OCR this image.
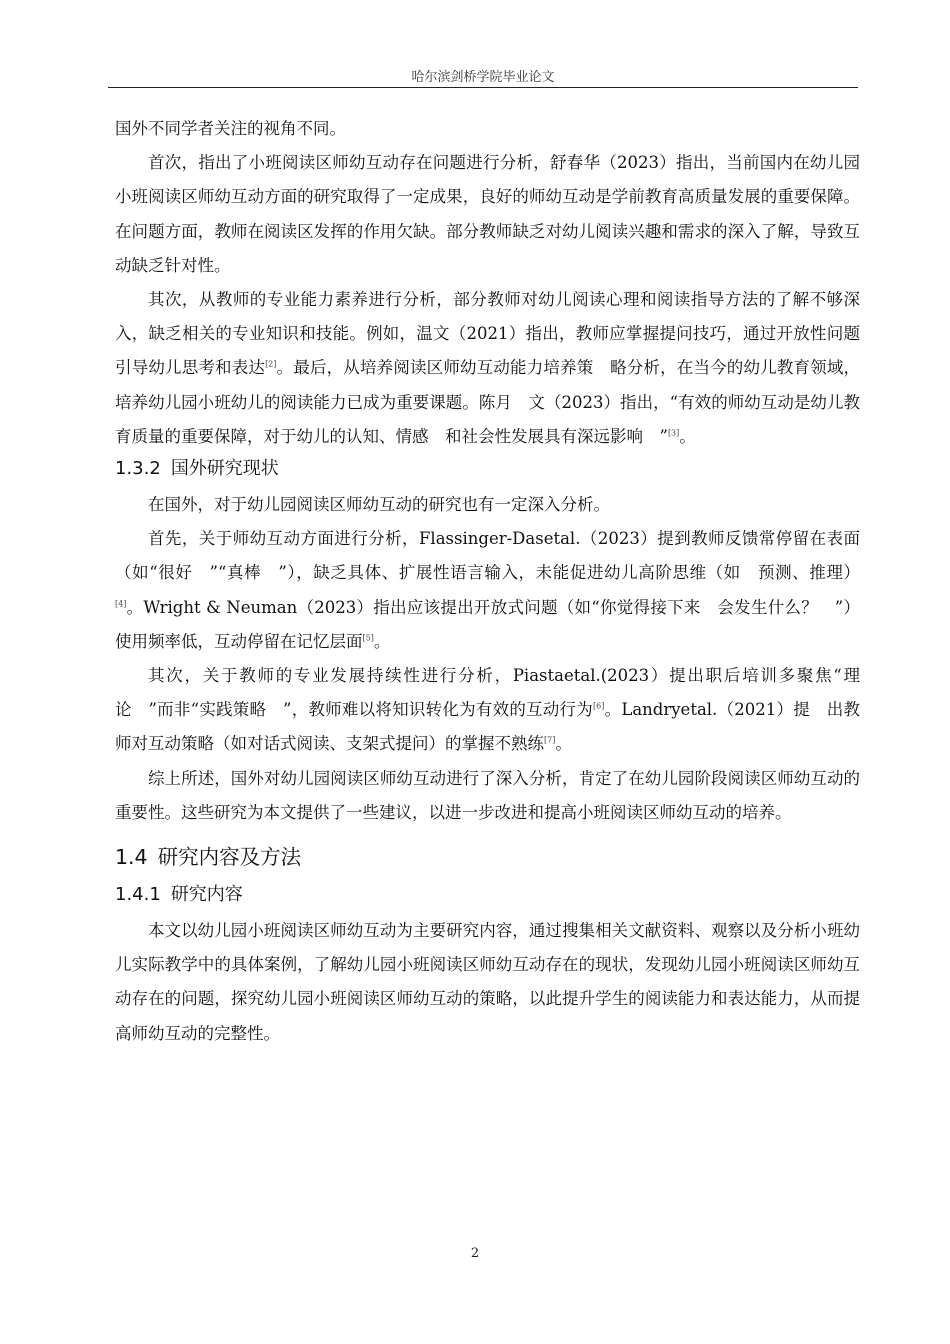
哈尔滨剑桥学院毕业论文

国外不同学者关注的视角不同。

首次，指出了小班阅读区师幼互动存在问题进行分析，舒春华（2023）指出，当前国内在幼儿园小班阅读区师幼互动方面的研究取得了一定成果，良好的师幼互动是学前教育高质量发展的重要保障。在问题方面，教师在阅读区发挥的作用欠缺。部分教师缺乏对幼儿阅读兴趣和需求的深入了解，导致互动缺乏针对性。

其次，从教师的专业能力素养进行分析，部分教师对幼儿阅读心理和阅读指导方法的了解不够深入，缺乏相关的专业知识和技能。例如，温文（2021）指出，教师应掌握提问技巧，通过开放性问题引导幼儿思考和表达[2]。最后，从培养阅读区师幼互动能力培养策　略分析，在当今的幼儿教育领域，培养幼儿园小班幼儿的阅读能力已成为重要课题。陈月　文（2023）指出，“有效的师幼互动是幼儿教育质量的重要保障，对于幼儿的认知、情感　和社会性发展具有深远影响　”[3]。

1.3.2 国外研究现状

在国外，对于幼儿园阅读区师幼互动的研究也有一定深入分析。

首先，关于师幼互动方面进行分析，Flassinger-Dasetal.（2023）提到教师反馈常停留在表面（如“很好　”“真棒　”），缺乏具体、扩展性语言输入，未能促进幼儿高阶思维（如　预测、推理）[4]。Wright & Neuman（2023）指出应该提出开放式问题（如“你觉得接下来　会发生什么？　”）使用频率低，互动停留在记忆层面[5]。

其次，关于教师的专业发展持续性进行分析，Piastaetal.(2023）提出职后培训多聚焦“理　论　”而非“实践策略　”，教师难以将知识转化为有效的互动行为[6]。Landryetal.（2021）提　出教师对互动策略（如对话式阅读、支架式提问）的掌握不熟练[7]。

综上所述，国外对幼儿园阅读区师幼互动进行了深入分析，肯定了在幼儿园阶段阅读区师幼互动的重要性。这些研究为本文提供了一些建议，以进一步改进和提高小班阅读区师幼互动的培养。

1.4 研究内容及方法
1.4.1 研究内容

本文以幼儿园小班阅读区师幼互动为主要研究内容，通过搜集相关文献资料、观察以及分析小班幼儿实际教学中的具体案例，了解幼儿园小班阅读区师幼互动存在的现状，发现幼儿园小班阅读区师幼互动存在的问题，探究幼儿园小班阅读区师幼互动的策略，以此提升学生的阅读能力和表达能力，从而提高师幼互动的完整性。

2
